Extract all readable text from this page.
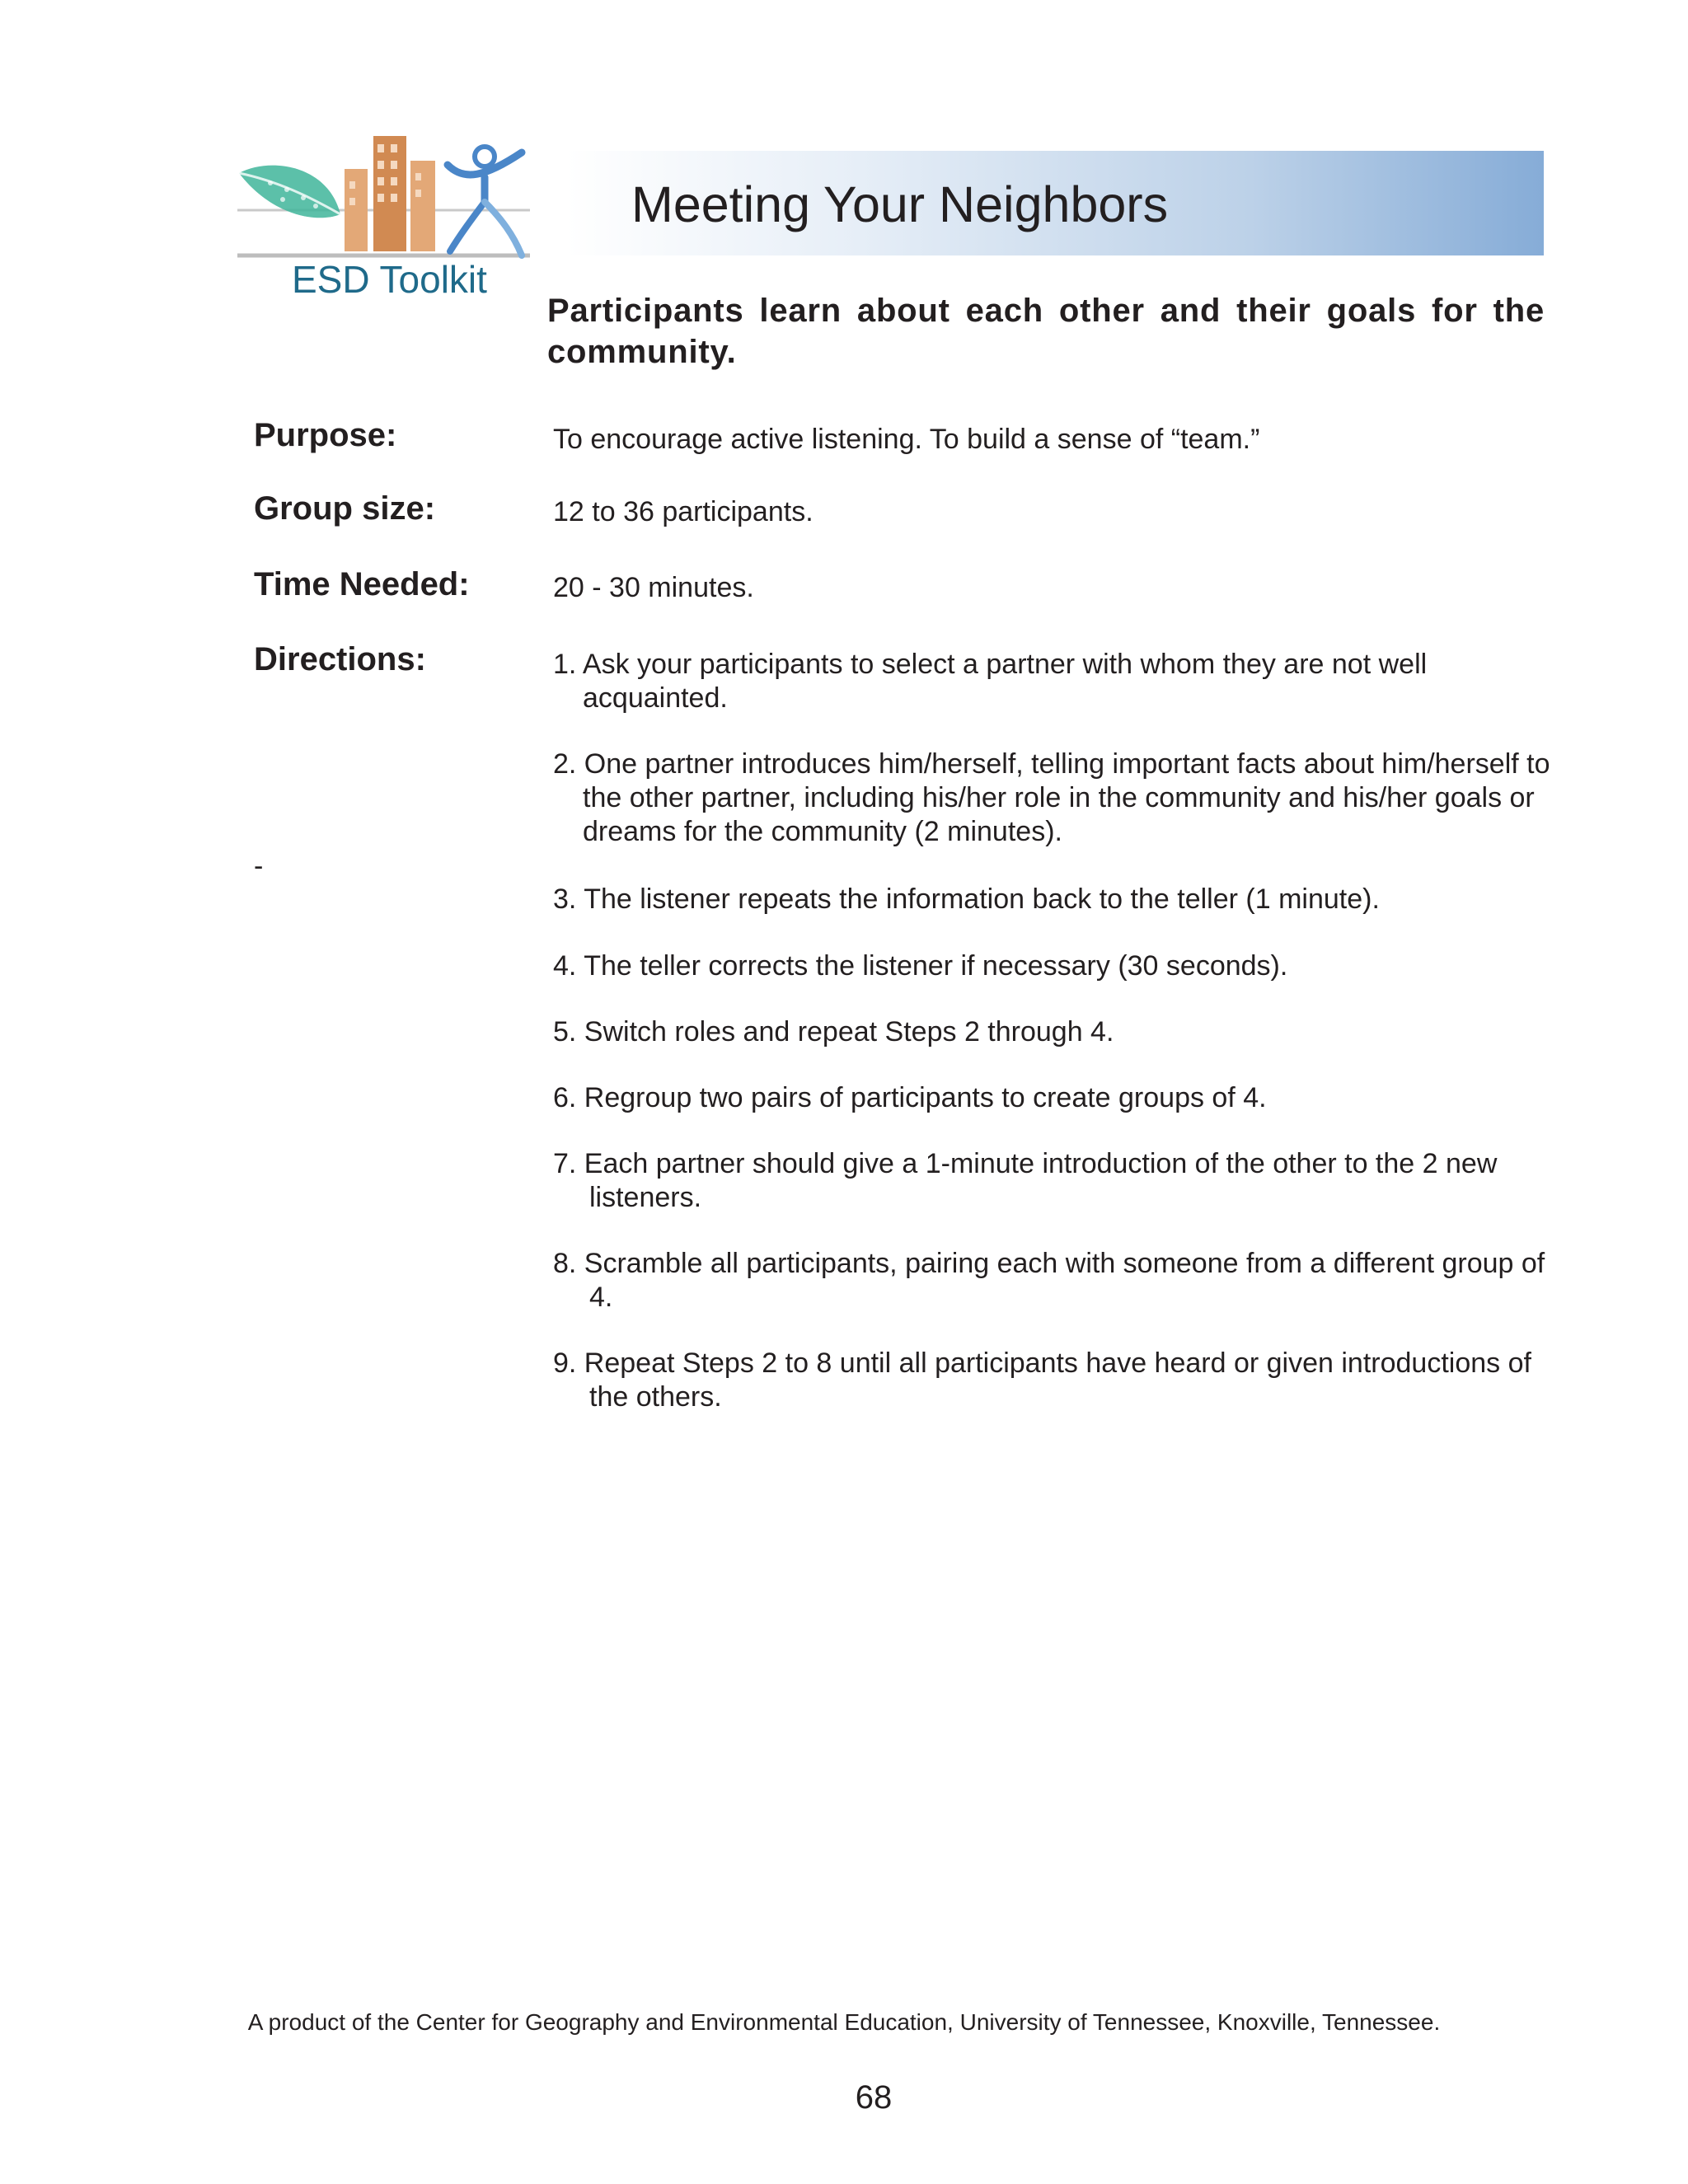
ESD Toolkit
Meeting Your Neighbors
Participants learn about each other and their goals for the community.
Purpose:	To encourage active listening. To build a sense of “team.”
Group size:	12 to 36 participants.
Time Needed:	20 - 30 minutes.
Directions:
-
1. Ask your participants to select a partner with whom they are not well acquainted.
2. One partner introduces him/herself, telling important facts about him/herself to the other partner, including his/her role in the community and his/her goals or dreams for the community (2 minutes).
3. The listener repeats the information back to the teller (1 minute).
4. The teller corrects the listener if necessary (30 seconds).
5. Switch roles and repeat Steps 2 through 4.
6. Regroup two pairs of participants to create groups of 4.
7. Each partner should give a 1-minute introduction of the other to the 2 new listeners.
8. Scramble all participants, pairing each with someone from a different group of 4.
9. Repeat Steps 2 to 8 until all participants have heard or given introductions of the others.
A product of the Center for Geography and Environmental Education, University of Tennessee, Knoxville, Tennessee.
68
